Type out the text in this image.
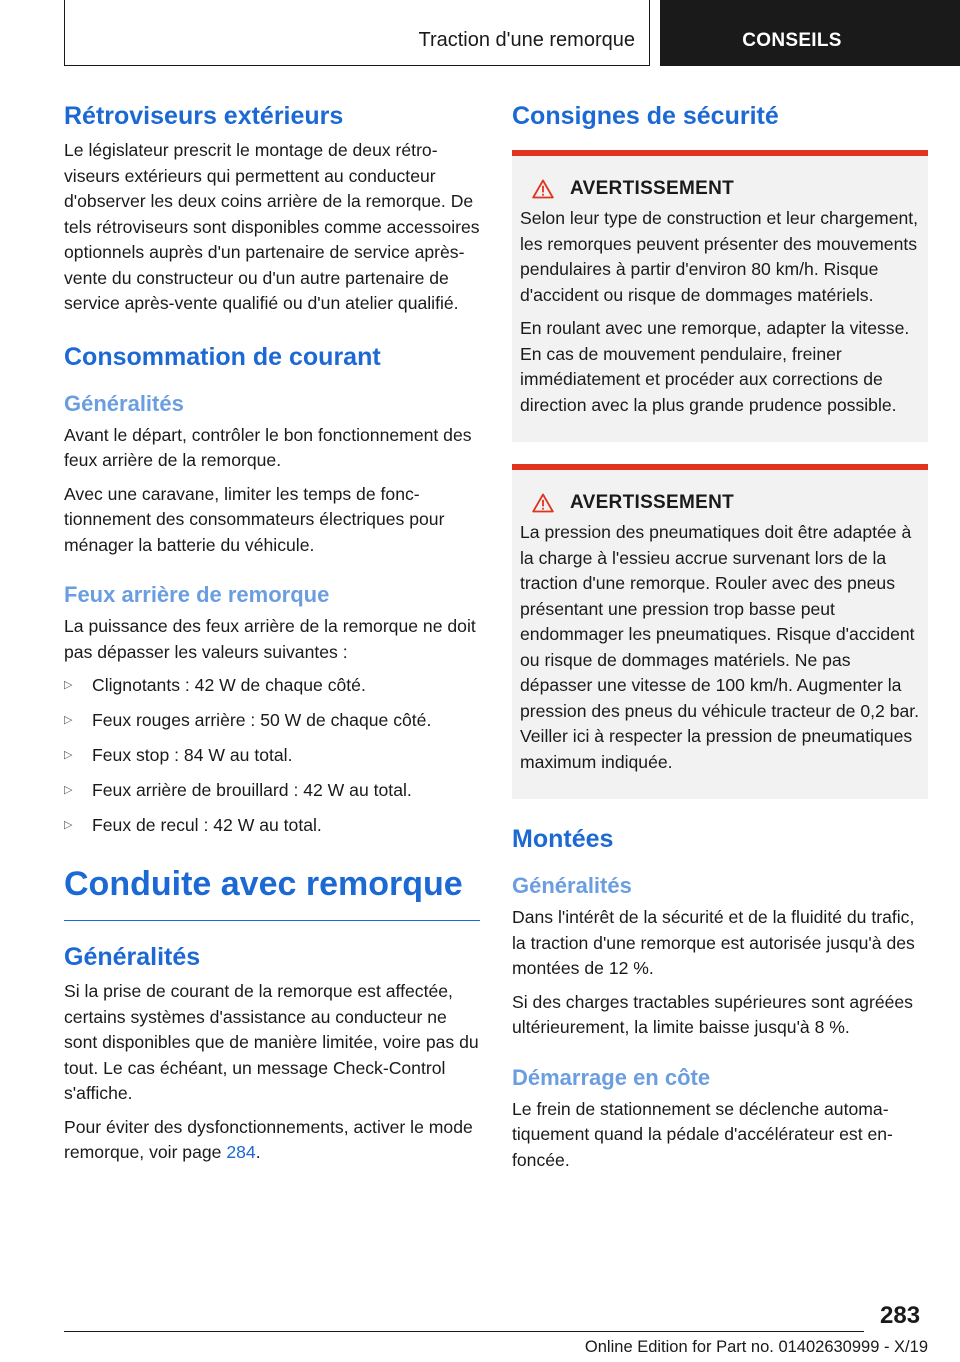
Traction d'une remorque	CONSEILS
Rétroviseurs extérieurs

Le législateur prescrit le montage de deux rétroviseurs extérieurs qui permettent au conducteur d'observer les deux coins arrière de la remorque. De tels rétroviseurs sont disponibles comme accessoires optionnels auprès d'un partenaire de service après-vente du constructeur ou d'un autre partenaire de service après-vente qualifié ou d'un atelier qualifié.

Consommation de courant
Généralités

Avant le départ, contrôler le bon fonctionnement des feux arrière de la remorque.

Avec une caravane, limiter les temps de fonctionnement des consommateurs électriques pour ménager la batterie du véhicule.

Feux arrière de remorque

La puissance des feux arrière de la remorque ne doit pas dépasser les valeurs suivantes :

▷	Clignotants : 42 W de chaque côté.
▷	Feux rouges arrière : 50 W de chaque côté.
▷	Feux stop : 84 W au total.
▷	Feux arrière de brouillard : 42 W au total.
▷	Feux de recul : 42 W au total.
Conduite avec remorque
Généralités

Si la prise de courant de la remorque est affectée, certains systèmes d'assistance au conducteur ne sont disponibles que de manière limitée, voire pas du tout. Le cas échéant, un message Check-Control s'affiche.

Pour éviter des dysfonctionnements, activer le mode remorque, voir page 284.

Consignes de sécurité
AVERTISSEMENT

Selon leur type de construction et leur chargement, les remorques peuvent présenter des mouvements pendulaires à partir d'environ 80 km/h. Risque d'accident ou risque de dommages matériels.

En roulant avec une remorque, adapter la vitesse. En cas de mouvement pendulaire, freiner immédiatement et procéder aux corrections de direction avec la plus grande prudence possible.

AVERTISSEMENT

La pression des pneumatiques doit être adaptée à la charge à l'essieu accrue survenant lors de la traction d'une remorque. Rouler avec des pneus présentant une pression trop basse peut endommager les pneumatiques. Risque d'accident ou risque de dommages matériels. Ne pas dépasser une vitesse de 100 km/h. Augmenter la pression des pneus du véhicule tracteur de 0,2 bar. Veiller ici à respecter la pression de pneumatiques maximum indiquée.

Montées
Généralités

Dans l'intérêt de la sécurité et de la fluidité du trafic, la traction d'une remorque est autorisée jusqu'à des montées de 12 %.

Si des charges tractables supérieures sont agréées ultérieurement, la limite baisse jusqu'à 8 %.

Démarrage en côte

Le frein de stationnement se déclenche automatiquement quand la pédale d'accélérateur est enfoncée.

283
Online Edition for Part no. 01402630999 - X/19
